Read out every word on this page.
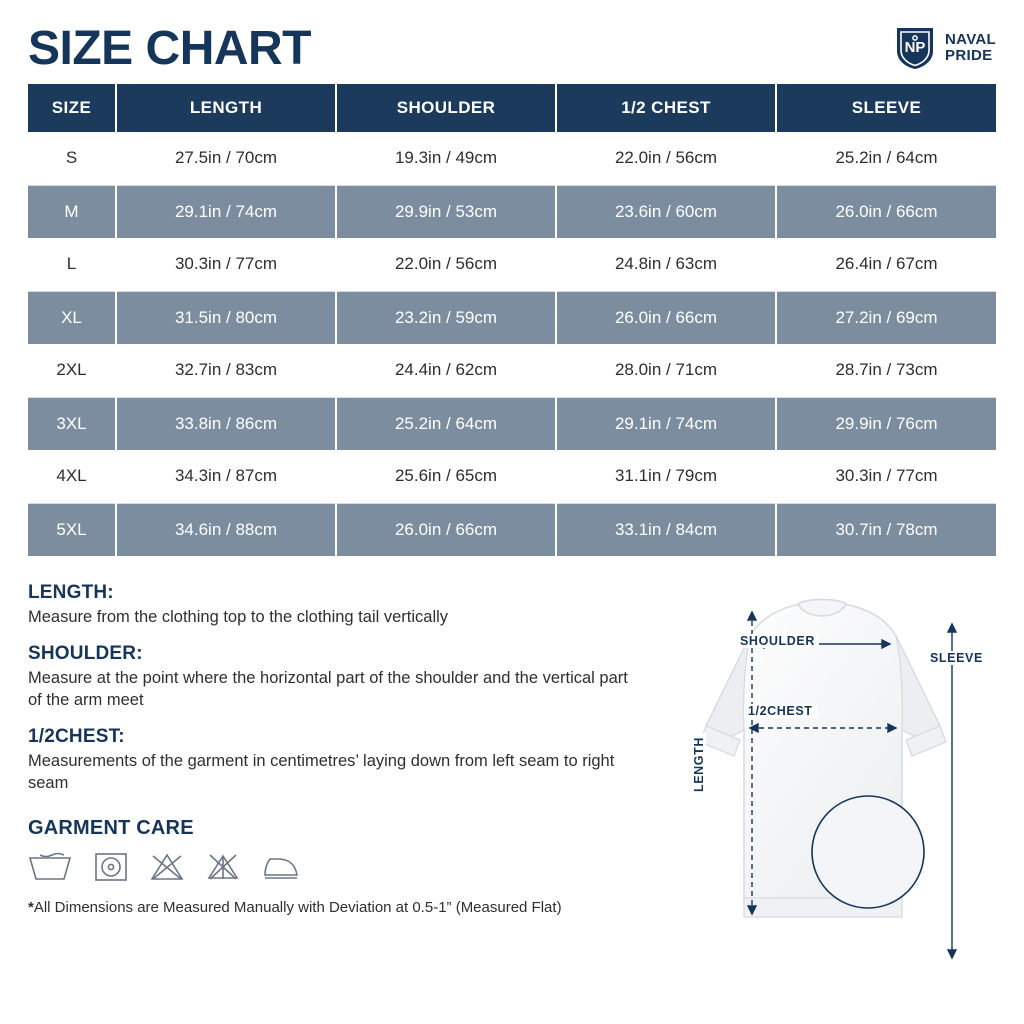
SIZE CHART	NP NAVAL
PRIDE
SIZE	LENGTH	SHOULDER	1/2 CHEST	SLEEVE
S	27.5in / 70cm	19.3in / 49cm	22.0in / 56cm	25.2in / 64cm
M	29.1in / 74cm	29.9in / 53cm	23.6in / 60cm	26.0in / 66cm
L	30.3in / 77cm	22.0in / 56cm	24.8in / 63cm	26.4in / 67cm
XL	31.5in / 80cm	23.2in / 59cm	26.0in / 66cm	27.2in / 69cm
2XL	32.7in / 83cm	24.4in / 62cm	28.0in / 71cm	28.7in / 73cm
3XL	33.8in / 86cm	25.2in / 64cm	29.1in / 74cm	29.9in / 76cm
4XL	34.3in / 87cm	25.6in / 65cm	31.1in / 79cm	30.3in / 77cm
5XL	34.6in / 88cm	26.0in / 66cm	33.1in / 84cm	30.7in / 78cm
LENGTH:

Measure from the clothing top to the clothing tail vertically

SHOULDER:

Measure at the point where the horizontal part of the shoulder and the vertical part of the arm meet

1/2CHEST:

Measurements of the garment in centimetres’ laying down from left seam to right seam

GARMENT CARE
*All Dimensions are Measured Manually with Deviation at 0.5-1” (Measured Flat)
SHOULDER
1/2CHEST
SLEEVE
LENGTH
